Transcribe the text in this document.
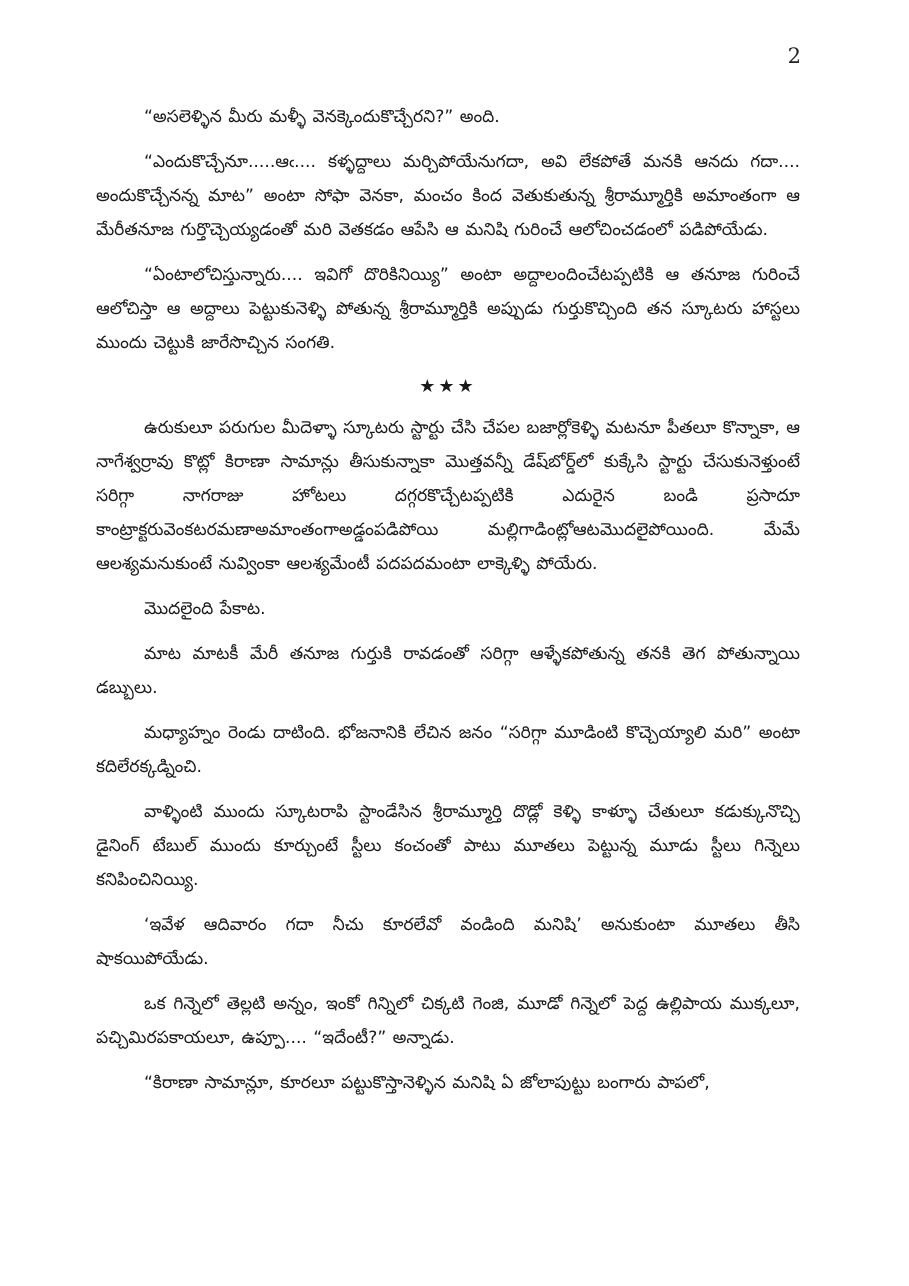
2

“అసలెళ్ళిన మీరు మళ్ళీ వెనక్కెందుకొచ్చేరని?” అంది.

“ఎందుకొచ్చేనూ.....ఆఁ.... కళ్ళద్దాలు మర్చిపోయేనుగదా, అవి లేకపోతే మనకి ఆనదు గదా.... అందుకొచ్చేనన్న మాట” అంటా సోఫా వెనకా, మంచం కింద వెతుకుతున్న శ్రీరామ్మూర్తికి అమాంతంగా ఆ మేరీతనూజ గుర్తొచ్చెయ్యడంతో మరి వెతకడం ఆపేసి ఆ మనిషి గురించే ఆలోచించడంలో పడిపోయేడు.

“ఏంటాలోచిస్తున్నారు.... ఇవిగో దొరికినియ్యి” అంటా అద్దాలందించేటప్పటికి ఆ తనూజ గురించే ఆలోచిస్తా ఆ అద్దాలు పెట్టుకునెళ్ళి పోతున్న శ్రీరామ్మూర్తికి అప్పుడు గుర్తుకొచ్చింది తన స్కూటరు హాస్టలు ముందు చెట్టుకి జారేసొచ్చిన సంగతి.

★★★

ఉరుకులూ పరుగుల మీదెళ్ళా స్కూటరు స్టార్టు చేసి చేపల బజార్లోకెళ్ళి మటనూ పీతలూ కొన్నాకా, ఆ నాగేశ్వర్రావు కొట్లో కిరాణా సామాన్లు తీసుకున్నాకా మొత్తవన్నీ డేష్‌బోర్డ్‌లో కుక్కేసి స్టార్టు చేసుకునెళ్తుంటే సరిగ్గా నాగరాజు హోటలు దగ్గరకొచ్చేటప్పటికి ఎదురైన బండి ప్రసాదూ కాంట్రాక్టరువెంకటరమణాఅమాంతంగాఅడ్డంపడిపోయి మల్లిగాడింట్లోఆటమొదలైపోయింది. మేమే ఆలశ్యమనుకుంటే నువ్వింకా ఆలశ్యమేంటీ పదపదమంటా లాక్కెళ్ళి పోయేరు.

మొదలైంది పేకాట.

మాట మాటకీ మేరీ తనూజ గుర్తుకి రావడంతో సరిగ్గా ఆళ్ళేకపోతున్న తనకి తెగ పోతున్నాయి డబ్బులు.

మధ్యాహ్నం రెండు దాటింది. భోజనానికి లేచిన జనం “సరిగ్గా మూడింటి కొచ్చెయ్యాలి మరి” అంటా కదిలేరక్కడ్నించి.

వాళ్ళింటి ముందు స్కూటరాపి స్టాండేసిన శ్రీరామ్మూర్తి దొడ్లో కెళ్ళి కాళ్ళూ చేతులూ కడుక్కునొచ్చి డైనింగ్ టేబుల్ ముందు కూర్చుంటే స్టీలు కంచంతో పాటు మూతలు పెట్టున్న మూడు స్టీలు గిన్నెలు కనిపించినియ్యి.

‘ఇవేళ ఆదివారం గదా నీచు కూరలేవో వండింది మనిషి’ అనుకుంటా మూతలు తీసి షాకయిపోయేడు.

ఒక గిన్నెలో తెల్లటి అన్నం, ఇంకో గిన్నిలో చిక్కటి గెంజి, మూడో గిన్నెలో పెద్ద ఉల్లిపాయ ముక్కలూ, పచ్చిమిరపకాయలూ, ఉప్పూ.... “ఇదేంటీ?” అన్నాడు.

“కిరాణా సామాన్లూ, కూరలూ పట్టుకొస్తానెళ్ళిన మనిషి ఏ జోలాపుట్టు బంగారు పాపలో,
